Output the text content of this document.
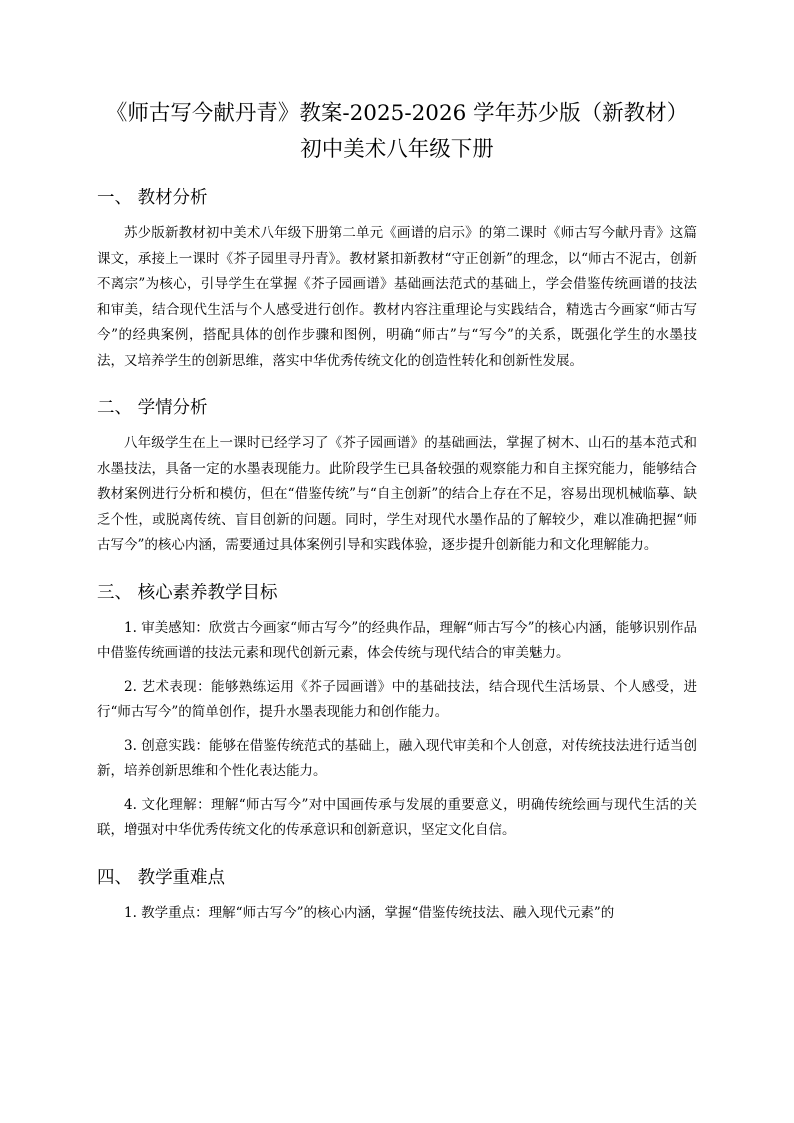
《师古写今献丹青》教案-2025-2026 学年苏少版（新教材）
初中美术八年级下册
一、 教材分析

苏少版新教材初中美术八年级下册第二单元《画谱的启示》的第二课时《师古写今献丹青》这篇课文，承接上一课时《芥子园里寻丹青》。教材紧扣新教材“守正创新”的理念，以“师古不泥古，创新不离宗”为核心，引导学生在掌握《芥子园画谱》基础画法范式的基础上，学会借鉴传统画谱的技法和审美，结合现代生活与个人感受进行创作。教材内容注重理论与实践结合，精选古今画家“师古写今”的经典案例，搭配具体的创作步骤和图例，明确“师古”与“写今”的关系，既强化学生的水墨技法，又培养学生的创新思维，落实中华优秀传统文化的创造性转化和创新性发展。

二、 学情分析

八年级学生在上一课时已经学习了《芥子园画谱》的基础画法，掌握了树木、山石的基本范式和水墨技法，具备一定的水墨表现能力。此阶段学生已具备较强的观察能力和自主探究能力，能够结合教材案例进行分析和模仿，但在“借鉴传统”与“自主创新”的结合上存在不足，容易出现机械临摹、缺乏个性，或脱离传统、盲目创新的问题。同时，学生对现代水墨作品的了解较少，难以准确把握“师古写今”的核心内涵，需要通过具体案例引导和实践体验，逐步提升创新能力和文化理解能力。

三、 核心素养教学目标

1. 审美感知：欣赏古今画家“师古写今”的经典作品，理解“师古写今”的核心内涵，能够识别作品中借鉴传统画谱的技法元素和现代创新元素，体会传统与现代结合的审美魅力。

2. 艺术表现：能够熟练运用《芥子园画谱》中的基础技法，结合现代生活场景、个人感受，进行“师古写今”的简单创作，提升水墨表现能力和创作能力。

3. 创意实践：能够在借鉴传统范式的基础上，融入现代审美和个人创意，对传统技法进行适当创新，培养创新思维和个性化表达能力。

4. 文化理解：理解“师古写今”对中国画传承与发展的重要意义，明确传统绘画与现代生活的关联，增强对中华优秀传统文化的传承意识和创新意识，坚定文化自信。

四、 教学重难点

1. 教学重点：理解“师古写今”的核心内涵，掌握“借鉴传统技法、融入现代元素”的
